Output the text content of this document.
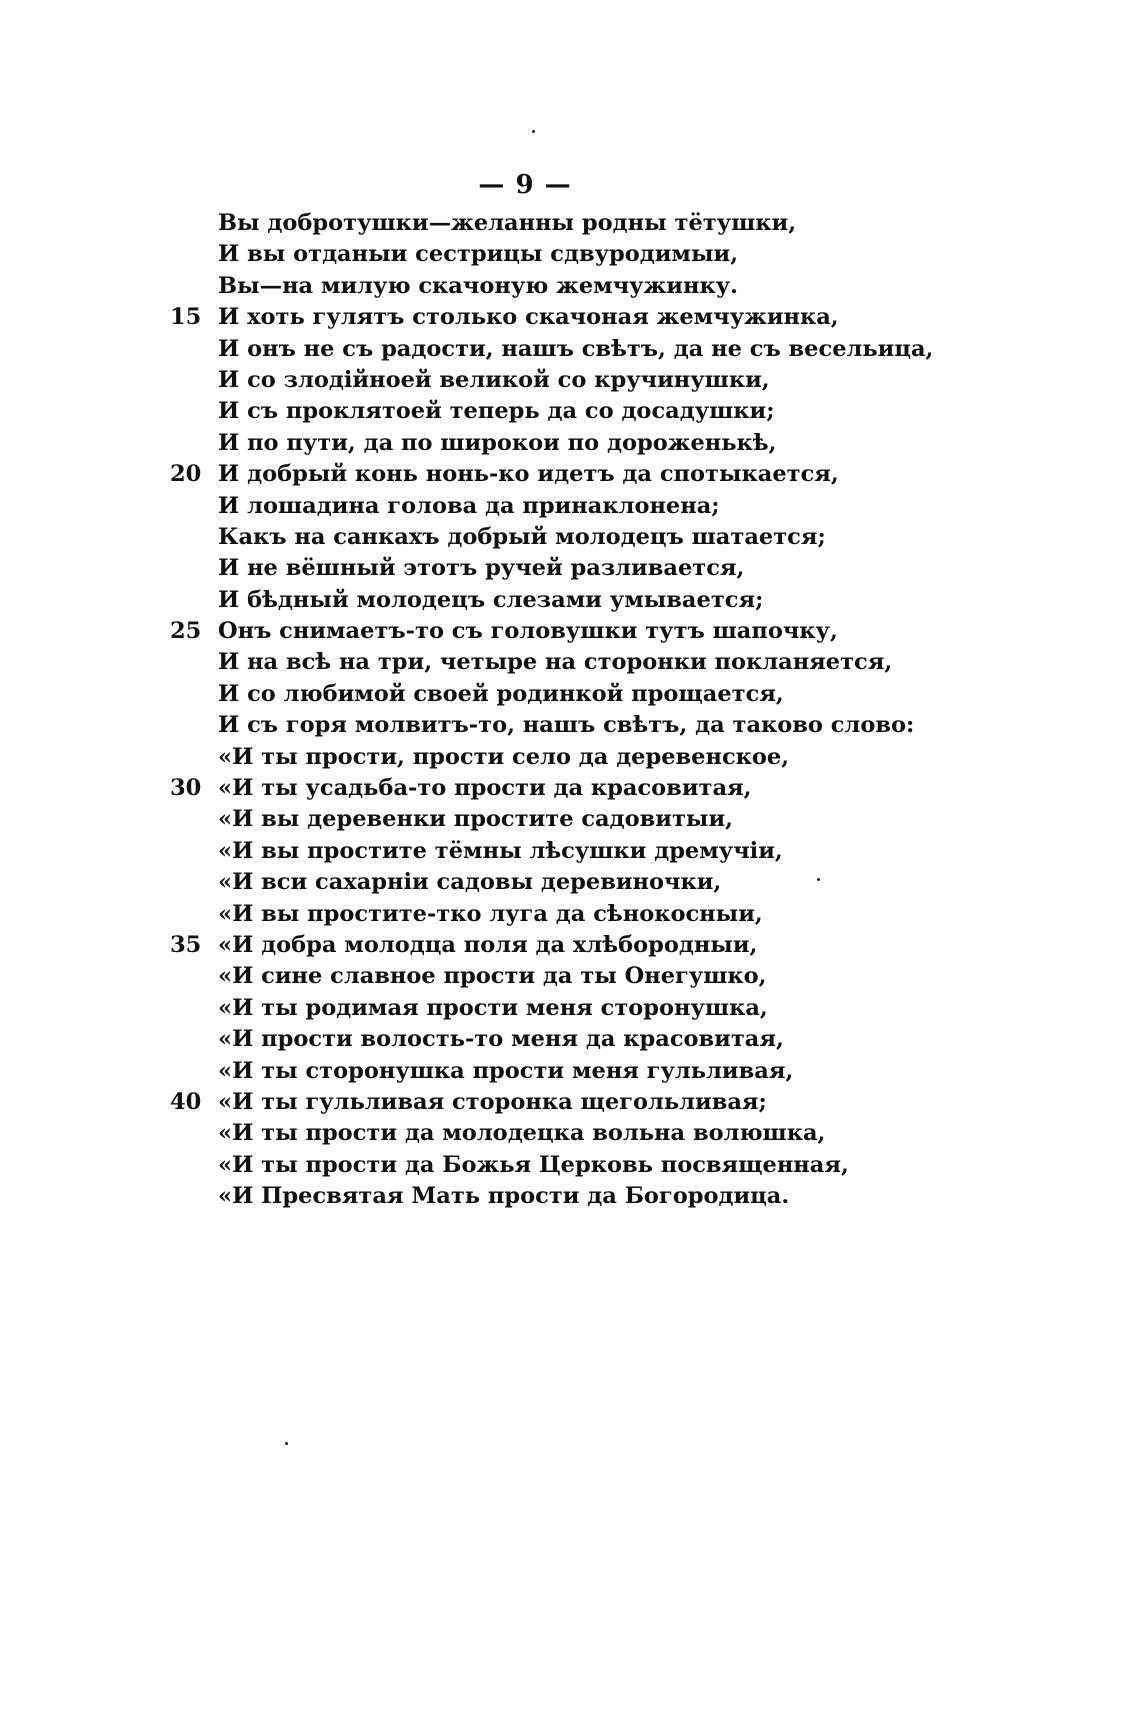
— 9 —
Вы добротушки—желанны родны тётушки,
И вы отданыи сестрицы сдвуродимыи,
Вы—на милую скачоную жемчужинку.
15 И хоть гулятъ столько скачоная жемчужинка,
И онъ не съ радости, нашъ свѣтъ, да не съ весельица,
И со злодійноей великой со кручинушки,
И съ проклятоей теперь да со досадушки;
И по пути, да по широкои по дороженькѣ,
20 И добрый конь нонь-ко идетъ да спотыкается,
И лошадина голова да принаклонена;
Какъ на санкахъ добрый молодецъ шатается;
И не вёшный этотъ ручей разливается,
И бѣдный молодецъ слезами умывается;
25 Онъ снимаетъ-то съ головушки тутъ шапочку,
И на всѣ на три, четыре на сторонки покланяется,
И со любимой своей родинкой прощается,
И съ горя молвитъ-то, нашъ свѣтъ, да таково слово:
«И ты прости, прости село да деревенское,
30 «И ты усадьба-то прости да красовитая,
«И вы деревенки простите садовитыи,
«И вы простите тёмны лѣсушки дремучіи,
«И вси сахарніи садовы деревиночки,
«И вы простите-тко луга да сѣнокосныи,
35 «И добра молодца поля да хлѣбородныи,
«И сине славное прости да ты Онегушко,
«И ты родимая прости меня сторонушка,
«И прости волость-то меня да красовитая,
«И ты сторонушка прости меня гульливая,
40 «И ты гульливая сторонка щегольливая;
«И ты прости да молодецка вольна волюшка,
«И ты прости да Божья Церковь посвященная,
«И Пресвятая Мать прости да Богородица.
